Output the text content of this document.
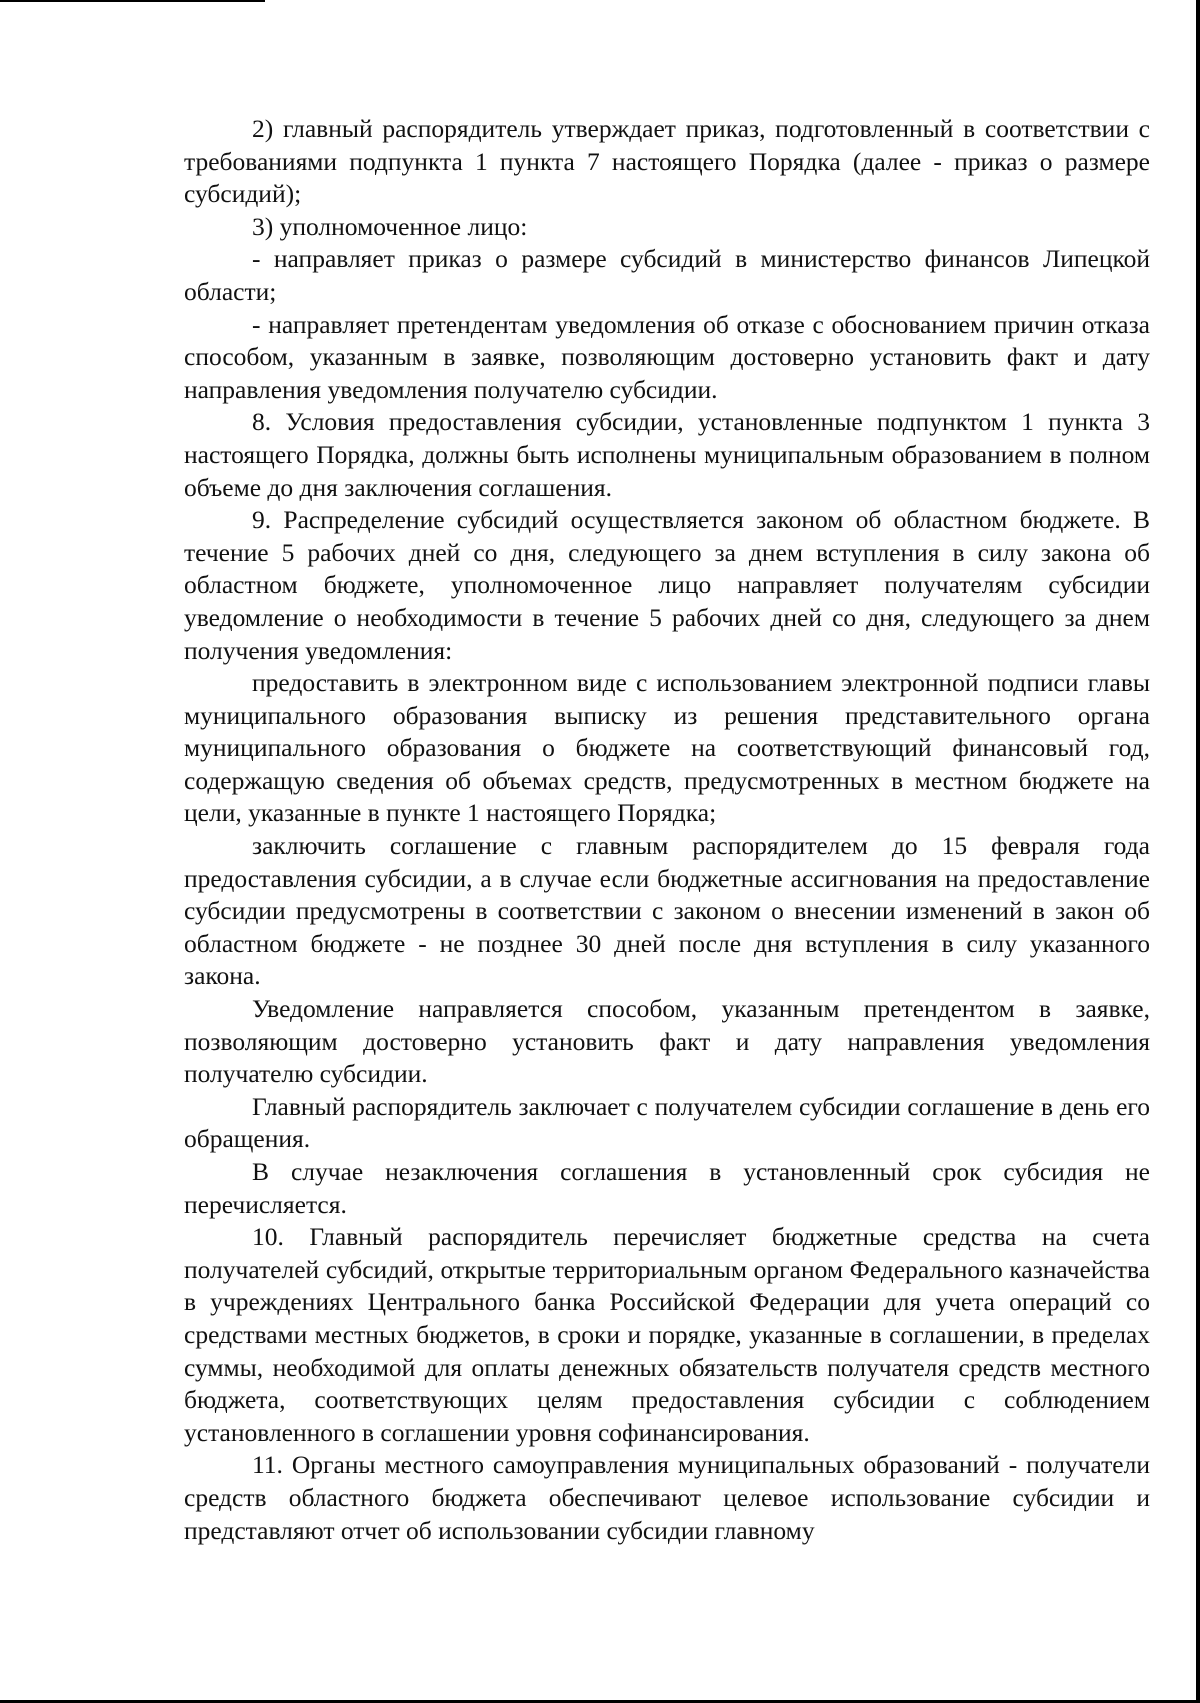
2) главный распорядитель утверждает приказ, подготовленный в соответствии с требованиями подпункта 1 пункта 7 настоящего Порядка (далее - приказ о размере субсидий);

3) уполномоченное лицо:

- направляет приказ о размере субсидий в министерство финансов Липецкой области;

- направляет претендентам уведомления об отказе с обоснованием причин отказа способом, указанным в заявке, позволяющим достоверно установить факт и дату направления уведомления получателю субсидии.

8. Условия предоставления субсидии, установленные подпунктом 1 пункта 3 настоящего Порядка, должны быть исполнены муниципальным образованием в полном объеме до дня заключения соглашения.

9. Распределение субсидий осуществляется законом об областном бюджете. В течение 5 рабочих дней со дня, следующего за днем вступления в силу закона об областном бюджете, уполномоченное лицо направляет получателям субсидии уведомление о необходимости в течение 5 рабочих дней со дня, следующего за днем получения уведомления:

предоставить в электронном виде с использованием электронной подписи главы муниципального образования выписку из решения представительного органа муниципального образования о бюджете на соответствующий финансовый год, содержащую сведения об объемах средств, предусмотренных в местном бюджете на цели, указанные в пункте 1 настоящего Порядка;

заключить соглашение с главным распорядителем до 15 февраля года предоставления субсидии, а в случае если бюджетные ассигнования на предоставление субсидии предусмотрены в соответствии с законом о внесении изменений в закон об областном бюджете - не позднее 30 дней после дня вступления в силу указанного закона.

Уведомление направляется способом, указанным претендентом в заявке, позволяющим достоверно установить факт и дату направления уведомления получателю субсидии.

Главный распорядитель заключает с получателем субсидии соглашение в день его обращения.

В случае незаключения соглашения в установленный срок субсидия не перечисляется.

10. Главный распорядитель перечисляет бюджетные средства на счета получателей субсидий, открытые территориальным органом Федерального казначейства в учреждениях Центрального банка Российской Федерации для учета операций со средствами местных бюджетов, в сроки и порядке, указанные в соглашении, в пределах суммы, необходимой для оплаты денежных обязательств получателя средств местного бюджета, соответствующих целям предоставления субсидии с соблюдением установленного в соглашении уровня софинансирования.

11. Органы местного самоуправления муниципальных образований - получатели средств областного бюджета обеспечивают целевое использование субсидии и представляют отчет об использовании субсидии главному
